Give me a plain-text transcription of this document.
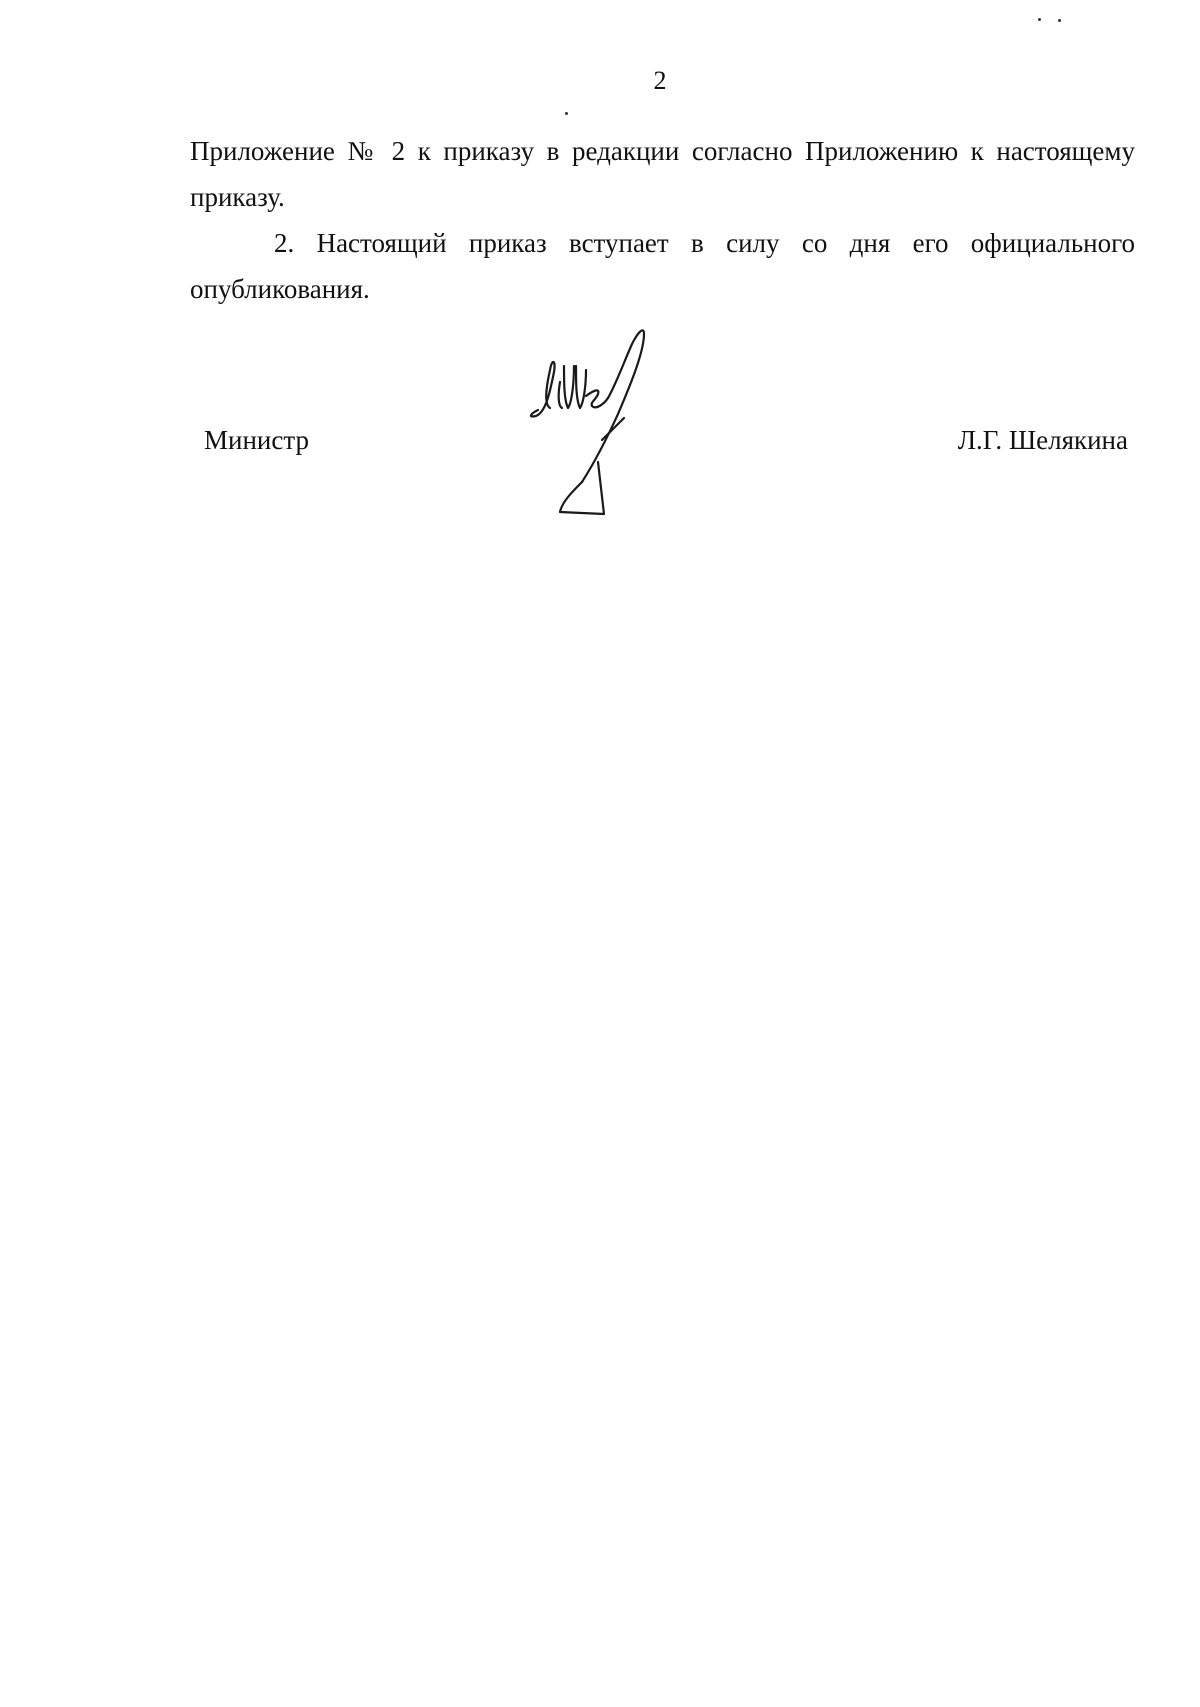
2

Приложение № 2 к приказу в редакции согласно Приложению к настоящему приказу.

2. Настоящий приказ вступает в силу со дня его официального опубликования.

Министр	Л.Г. Шелякина
